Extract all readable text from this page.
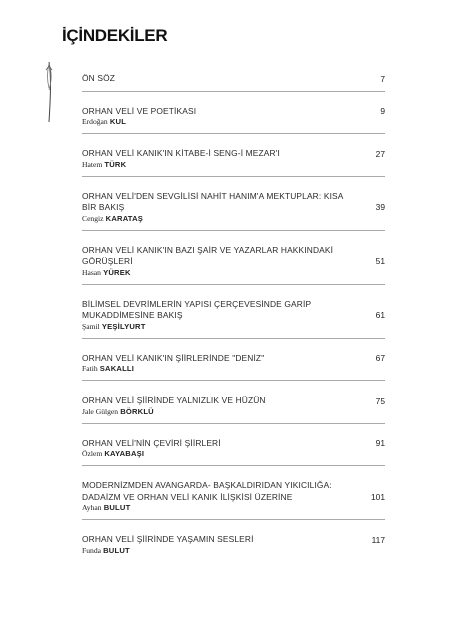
İÇİNDEKİLER
ÖN SÖZ	7
ORHAN VELİ VE POETİKASI	9
Erdoğan KUL
ORHAN VELİ KANIK'IN KİTABE-İ SENG-İ MEZAR'I	27
Hatem TÜRK
ORHAN VELİ'DEN SEVGİLİSİ NAHİT HANIM'A MEKTUPLAR: KISA BİR BAKIŞ	39
Cengiz KARATAŞ
ORHAN VELİ KANIK'IN BAZI ŞAİR VE YAZARLAR HAKKINDAKİ GÖRÜŞLERİ	51
Hasan YÜREK
BİLİMSEL DEVRİMLERİN YAPISI ÇERÇEVESİNDE GARİP MUKADDİMESİNE BAKIŞ	61
Şamil YEŞİLYURT
ORHAN VELİ KANIK'IN ŞİİRLERİNDE "DENİZ"	67
Fatih SAKALLI
ORHAN VELİ ŞİİRİNDE YALNIZLIK VE HÜZÜN	75
Jale Gülgen BÖRKLÜ
ORHAN VELİ'NİN ÇEVİRİ ŞİİRLERİ	91
Özlem KAYABAŞI
MODERNİZMDEN AVANGARDA- BAŞKALDIRIDAN YIKICILIĞA: DADAİZM VE ORHAN VELİ KANIK İLİŞKİSİ ÜZERİNE	101
Ayhan BULUT
ORHAN VELİ ŞİİRİNDE YAŞAMIN SESLERİ	117
Funda BULUT
